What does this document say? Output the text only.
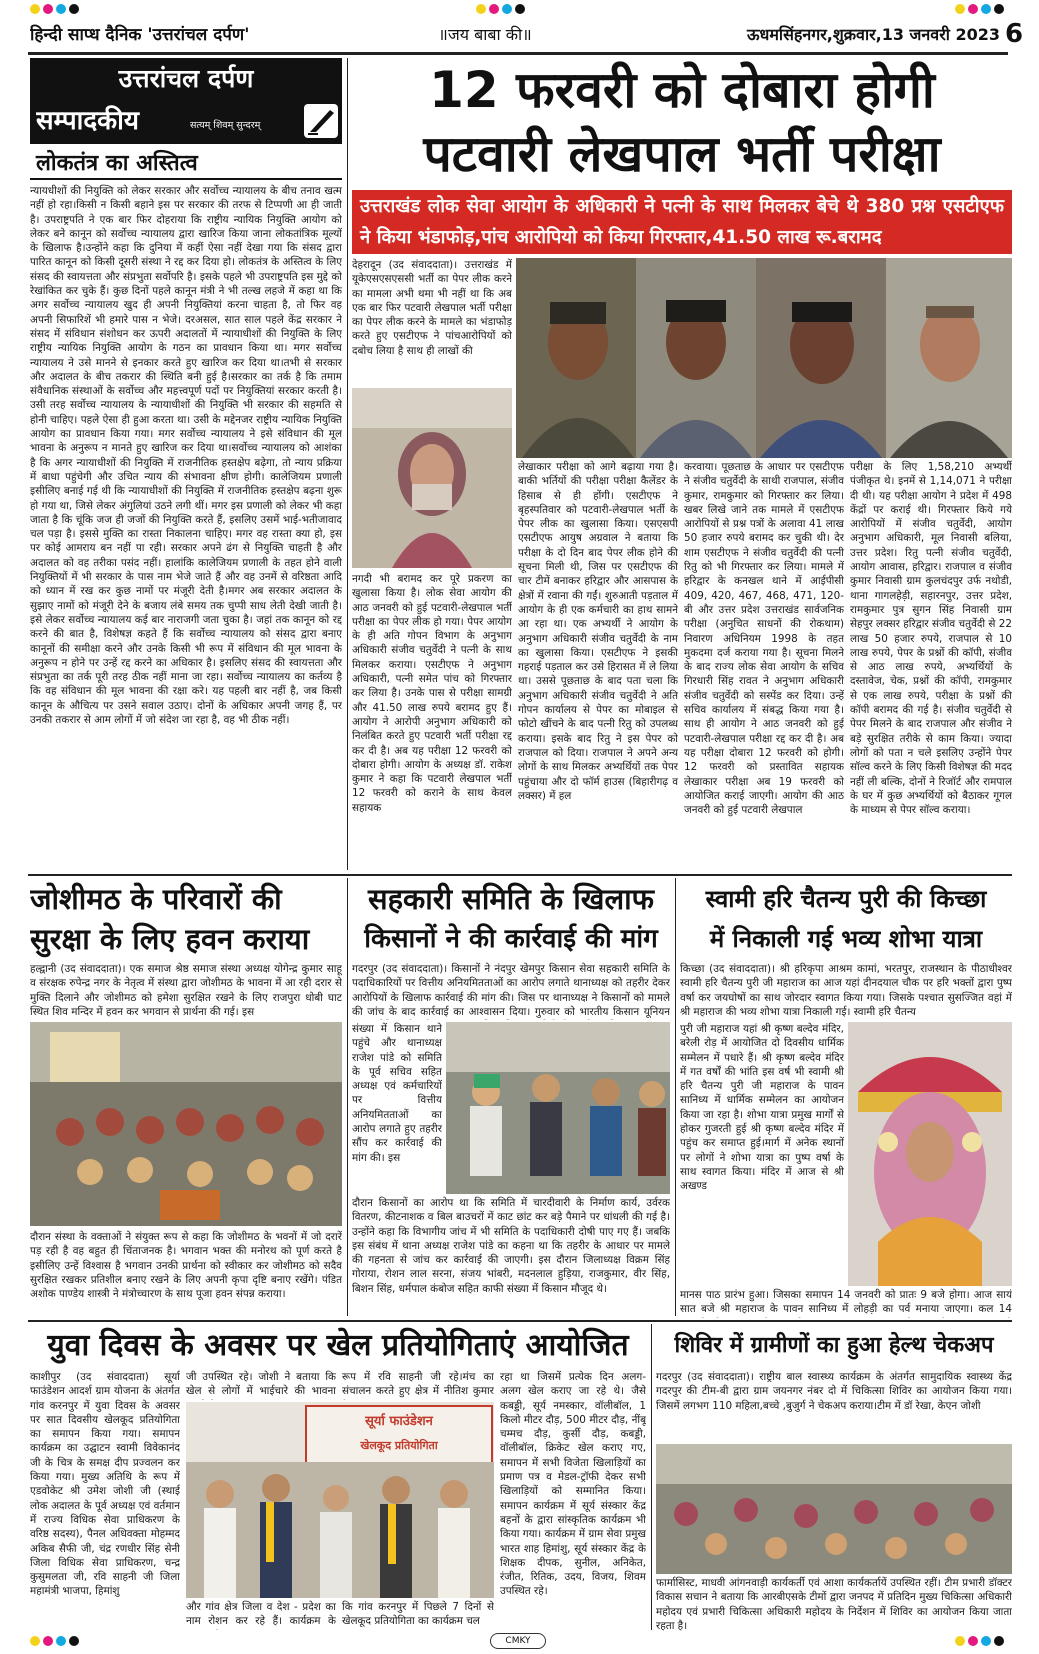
CMKY
हिन्दी साप्ध दैनिक 'उत्तरांचल दर्पण'	॥जय बाबा की॥	ऊधमसिंहनगर,शुक्रवार,13 जनवरी 2023 6
उत्तरांचल दर्पण
सम्पादकीय	सत्यम् शिवम् सुन्दरम्
लोकतंत्र का अस्तित्व
न्यायधीशों की नियुक्ति को लेकर सरकार और सर्वोच्च न्यायालय के बीच तनाव खत्म नहीं हो रहा।किसी न किसी बहाने इस पर सरकार की तरफ से टिप्पणी आ ही जाती है। उपराष्ट्रपति ने एक बार फिर दोहराया कि राष्ट्रीय न्यायिक नियुक्ति आयोग को लेकर बने कानून को सर्वोच्च न्यायालय द्वारा खारिज किया जाना लोकतांत्रिक मूल्यों के खिलाफ है।उन्होंने कहा कि दुनिया में कहीं ऐसा नहीं देखा गया कि संसद द्वारा पारित कानून को किसी दूसरी संस्था ने रद्द कर दिया हो। लोकतंत्र के अस्तित्व के लिए संसद की स्वायत्तता और संप्रभुता सर्वोपरि है। इसके पहले भी उपराष्ट्रपति इस मुद्दे को रेखांकित कर चुके हैं। कुछ दिनों पहले कानून मंत्री ने भी तल्ख लहजे में कहा था कि अगर सर्वोच्च न्यायालय खुद ही अपनी नियुक्तियां करना चाहता है, तो फिर वह अपनी सिफारिशें भी हमारे पास न भेजे। दरअसल, सात साल पहले केंद्र सरकार ने संसद में संविधान संशोधन कर ऊपरी अदालतों में न्यायाधीशों की नियुक्ति के लिए राष्ट्रीय न्यायिक नियुक्ति आयोग के गठन का प्रावधान किया था। मगर सर्वोच्च न्यायालय ने उसे मानने से इनकार करते हुए खारिज कर दिया था।तभी से सरकार और अदालत के बीच तकरार की स्थिति बनी हुई है।सरकार का तर्क है कि तमाम संवैधानिक संस्थाओं के सर्वोच्च और महत्त्वपूर्ण पदों पर नियुक्तियां सरकार करती है। उसी तरह सर्वोच्च न्यायालय के न्यायाधीशों की नियुक्ति भी सरकार की सहमति से होनी चाहिए। पहले ऐसा ही हुआ करता था। उसी के मद्देनजर राष्ट्रीय न्यायिक नियुक्ति आयोग का प्रावधान किया गया। मगर सर्वोच्च न्यायालय ने इसे संविधान की मूल भावना के अनुरूप न मानते हुए खारिज कर दिया था।सर्वोच्च न्यायालय को आशंका है कि अगर न्यायाधीशों की नियुक्ति में राजनीतिक हस्तक्षेप बढ़ेगा, तो न्याय प्रक्रिया में बाधा पहुंचेगी और उचित न्याय की संभावना क्षीण होगी। कालेजियम प्रणाली इसीलिए बनाई गई थी कि न्यायाधीशों की नियुक्ति में राजनीतिक हस्तक्षेप बढ़ना शुरू हो गया था, जिसे लेकर अंगुलियां उठने लगी थीं। मगर इस प्रणाली को लेकर भी कहा जाता है कि चूंकि जज ही जजों की नियुक्ति करते हैं, इसलिए उसमें भाई-भतीजावाद चल पड़ा है। इससे मुक्ति का रास्ता निकालना चाहिए। मगर वह रास्ता क्या हो, इस पर कोई आमराय बन नहीं पा रही। सरकार अपने ढंग से नियुक्ति चाहती है और अदालत को वह तरीका पसंद नहीं। हालांकि कालेजियम प्रणाली के तहत होने वाली नियुक्तियों में भी सरकार के पास नाम भेजे जाते हैं और वह उनमें से वरिष्ठता आदि को ध्यान में रख कर कुछ नामों पर मंजूरी देती है।मगर अब सरकार अदालत के सुझाए नामों को मंजूरी देने के बजाय लंबे समय तक चुप्पी साध लेती देखी जाती है। इसे लेकर सर्वोच्च न्यायालय कई बार नाराजगी जता चुका है। जहां तक कानून को रद्द करने की बात है, विशेषज्ञ कहते हैं कि सर्वोच्च न्यायालय को संसद द्वारा बनाए कानूनों की समीक्षा करने और उनके किसी भी रूप में संविधान की मूल भावना के अनुरूप न होने पर उन्हें रद्द करने का अधिकार है। इसलिए संसद की स्वायत्तता और संप्रभुता का तर्क पूरी तरह ठीक नहीं माना जा रहा। सर्वोच्च न्यायालय का कर्तव्य है कि वह संविधान की मूल भावना की रक्षा करे। यह पहली बार नहीं है, जब किसी कानून के औचित्य पर उसने सवाल उठाए। दोनों के अधिकार अपनी जगह हैं, पर उनकी तकरार से आम लोगों में जो संदेश जा रहा है, वह भी ठीक नहीं।
12 फरवरी को दोबारा होगी
पटवारी लेखपाल भर्ती परीक्षा
उत्तराखंड लोक सेवा आयोग के अधिकारी ने पत्नी के साथ मिलकर बेचे थे 380 प्रश्न एसटीएफ ने किया भंडाफोड़,पांच आरोपियो को किया गिरफ्तार,41.50 लाख रू.बरामद
देहरादून (उद संवाददाता)। उत्तराखंड में यूकेएसएसएससी भर्ती का पेपर लीक करने का मामला अभी थमा भी नहीं था कि अब एक बार फिर पटवारी लेखपाल भर्ती परीक्षा का पेपर लीक करने के मामले का भंडाफोड़ करते हुए एसटीएफ ने पांचआरोपियों को दबोच लिया है साथ ही लाखों की
नगदी भी बरामद कर पूरे प्रकरण का खुलासा किया है। लोक सेवा आयोग की आठ जनवरी को हुई पटवारी-लेखपाल भर्ती परीक्षा का पेपर लीक हो गया। पेपर आयोग के ही अति गोपन विभाग के अनुभाग अधिकारी संजीव चतुर्वेदी ने पत्नी के साथ मिलकर कराया। एसटीएफ ने अनुभाग अधिकारी, पत्नी समेत पांच को गिरफ्तार कर लिया है। उनके पास से परीक्षा सामग्री और 41.50 लाख रुपये बरामद हुए हैं। आयोग ने आरोपी अनुभाग अधिकारी को निलंबित करते हुए पटवारी भर्ती परीक्षा रद्द कर दी है। अब यह परीक्षा 12 फरवरी को दोबारा होगी। आयोग के अध्यक्ष डॉ. राकेश कुमार ने कहा कि पटवारी लेखपाल भर्ती 12 फरवरी को कराने के साथ केवल सहायक
लेखाकार परीक्षा को आगे बढ़ाया गया है। बाकी भर्तियों की परीक्षा परीक्षा कैलेंडर के हिसाब से ही होंगी। एसटीएफ ने बृहस्पतिवार को पटवारी-लेखपाल भर्ती के पेपर लीक का खुलासा किया। एसएसपी एसटीएफ आयुष अग्रवाल ने बताया कि परीक्षा के दो दिन बाद पेपर लीक होने की सूचना मिली थी, जिस पर एसटीएफ की चार टीमें बनाकर हरिद्वार और आसपास के क्षेत्रों में रवाना की गईं। शुरुआती पड़ताल में आयोग के ही एक कर्मचारी का हाथ सामने आ रहा था। एक अभ्यर्थी ने आयोग के अनुभाग अधिकारी संजीव चतुर्वेदी के नाम का खुलासा किया। एसटीएफ ने इसकी गहराई पड़ताल कर उसे हिरासत में ले लिया था। उससे पूछताछ के बाद पता चला कि अनुभाग अधिकारी संजीव चतुर्वेदी ने अति गोपन कार्यालय से पेपर का मोबाइल से फोटो खींचने के बाद पत्नी रितु को उपलब्ध कराया। इसके बाद रितु ने इस पेपर को राजपाल को दिया। राजपाल ने अपने अन्य लोगों के साथ मिलकर अभ्यर्थियों तक पेपर पहुंचाया और दो फॉर्म हाउस (बिहारीगढ़ व लक्सर) में हल
करवाया। पूछताछ के आधार पर एसटीएफ ने संजीव चतुर्वेदी के साथी राजपाल, संजीव कुमार, रामकुमार को गिरफ्तार कर लिया। खबर लिखे जाने तक मामले में एसटीएफ आरोपियों से प्रश्न पत्रों के अलावा 41 लाख 50 हजार रुपये बरामद कर चुकी थी। देर शाम एसटीएफ ने संजीव चतुर्वेदी की पत्नी रितु को भी गिरफ्तार कर लिया। मामले में हरिद्वार के कनखल थाने में आईपीसी 409, 420, 467, 468, 471, 120-बी और उत्तर प्रदेश उत्तराखंड सार्वजनिक परीक्षा (अनुचित साधनों की रोकथाम) निवारण अधिनियम 1998 के तहत मुकदमा दर्ज कराया गया है। सूचना मिलने के बाद राज्य लोक सेवा आयोग के सचिव गिरधारी सिंह रावत ने अनुभाग अधिकारी संजीव चतुर्वेदी को सस्पेंड कर दिया। उन्हें सचिव कार्यालय में संबद्ध किया गया है। साथ ही आयोग ने आठ जनवरी को हुई पटवारी-लेखपाल परीक्षा रद्द कर दी है। अब यह परीक्षा दोबारा 12 फरवरी को होगी। 12 फरवरी को प्रस्तावित सहायक लेखाकार परीक्षा अब 19 फरवरी को आयोजित कराई जाएगी। आयोग की आठ जनवरी को हुई पटवारी लेखपाल
परीक्षा के लिए 1,58,210 अभ्यर्थी पंजीकृत थे। इनमें से 1,14,071 ने परीक्षा दी थी। यह परीक्षा आयोग ने प्रदेश में 498 केंद्रों पर कराई थी। गिरफ्तार किये गये आरोपियों में संजीव चतुर्वेदी, आयोग अनुभाग अधिकारी, मूल निवासी बलिया, उत्तर प्रदेश। रितु पत्नी संजीव चतुर्वेदी, आयोग आवास, हरिद्वार। राजपाल व संजीव कुमार निवासी ग्राम कुलचंदपुर उर्फ नथोडी, थाना गागलहेड़ी, सहारनपुर, उत्तर प्रदेश, रामकुमार पुत्र सुगन सिंह निवासी ग्राम सेहपुर लक्सर हरिद्वार संजीव चतुर्वेदी से 22 लाख 50 हजार रुपये, राजपाल से 10 लाख रुपये, पेपर के प्रश्नों की कॉपी, संजीव से आठ लाख रुपये, अभ्यर्थियों के दस्तावेज, चेक, प्रश्नों की कॉपी, रामकुमार से एक लाख रुपये, परीक्षा के प्रश्नों की कॉपी बरामद की गई है। संजीव चतुर्वेदी से पेपर मिलने के बाद राजपाल और संजीव ने बड़े सुरक्षित तरीके से काम किया। ज्यादा लोगों को पता न चले इसलिए उन्होंने पेपर सॉल्व करने के लिए किसी विशेषज्ञ की मदद नहीं ली बल्कि, दोनों ने रिजॉर्ट और रामपाल के घर में कुछ अभ्यर्थियों को बैठाकर गूगल के माध्यम से पेपर सॉल्व कराया।
जोशीमठ के परिवारों की
सुरक्षा के लिए हवन कराया
हल्द्वानी (उद संवाददाता)। एक समाज श्रेष्ठ समाज संस्था अध्यक्ष योगेन्द्र कुमार साहू व संरक्षक रुपेन्द्र नगर के नेतृत्व में संस्था द्वारा जोशीमठ के भावना में आ रही दरार से मुक्ति दिलाने और जोशीमठ को हमेशा सुरक्षित रखने के लिए राजपुरा धोबी घाट स्थित शिव मन्दिर में हवन कर भगवान से प्रार्थना की गई। इस
दौरान संस्था के वक्ताओं ने संयुक्त रूप से कहा कि जोशीमठ के भवनों में जो दरारें पड़ रही है वह बहुत ही चिंताजनक है। भगवान भक्त की मनोरथ को पूर्ण करते है इसीलिए उन्हें विश्वास है भगवान उनकी प्रार्थना को स्वीकार कर जोशीमठ को सदैव सुरक्षित रखकर प्रतिशील बनाए रखने के लिए अपनी कृपा दृष्टि बनाए रखेंगे। पंडित अशोक पाण्डेय शास्त्री ने मंत्रोच्चारण के साथ पूजा हवन संपन्न कराया।
सहकारी समिति के खिलाफ
किसानों ने की कार्रवाई की मांग
गदरपुर (उद संवाददाता)। किसानों ने नंदपुर खेमपुर किसान सेवा सहकारी समिति के पदाधिकारियों पर वित्तीय अनियमितताओं का आरोप लगाते थानाध्यक्ष को तहरीर देकर आरोपियों के खिलाफ कार्रवाई की मांग की। जिस पर थानाध्यक्ष ने किसानों को मामले की जांच के बाद कार्रवाई का आश्वासन दिया। गुरुवार को भारतीय किसान यूनियन
संख्या में किसान थाने पहुंचे और थानाध्यक्ष राजेश पांडे को समिति के पूर्व सचिव सहित अध्यक्ष एवं कर्मचारियों पर वित्तीय अनियमितताओं का आरोप लगाते हुए तहरीर सौंप कर कार्रवाई की मांग की। इस
दौरान किसानों का आरोप था कि समिति में चारदीवारी के निर्माण कार्य, उर्वरक वितरण, कीटनाशक व बिल बाउचरों में काट छांट कर बड़े पैमाने पर धांधली की गई है। उन्होंने कहा कि विभागीय जांच में भी समिति के पदाधिकारी दोषी पाए गए हैं। जबकि इस संबंध में थाना अध्यक्ष राजेश पांडे का कहना था कि तहरीर के आधार पर मामले की गहनता से जांच कर कार्रवाई की जाएगी। इस दौरान जिलाध्यक्ष विक्रम सिंह गोराया, रोशन लाल सरना, संजय भांबरी, मदनलाल हुड़िया, राजकुमार, वीर सिंह, बिशन सिंह, धर्मपाल कंबोज सहित काफी संख्या में किसान मौजूद थे।
स्वामी हरि चैतन्य पुरी की किच्छा
में निकाली गई भव्य शोभा यात्रा
किच्छा (उद संवाददाता)। श्री हरिकृपा आश्रम कामां, भरतपुर, राजस्थान के पीठाधीश्वर स्वामी हरि चैतन्य पुरी जी महाराज का आज यहां दीनदयाल चौक पर हरि भक्तों द्वारा पुष्प वर्षा कर जयघोषों का साथ जोरदार स्वागत किया गया। जिसके पश्चात सुसज्जित वहां में श्री महाराज की भव्य शोभा यात्रा निकाली गई। स्वामी हरि चैतन्य
पुरी जी महाराज यहां श्री कृष्ण बल्देव मंदिर, बरेली रोड़ में आयोजित दो दिवसीय धार्मिक सम्मेलन में पधारे हैं। श्री कृष्ण बल्देव मंदिर में गत वर्षों की भांति इस वर्ष भी स्वामी श्री हरि चैतन्य पुरी जी महाराज के पावन सानिध्य में धार्मिक सम्मेलन का आयोजन किया जा रहा है। शोभा यात्रा प्रमुख मार्गों से होकर गुजरती हुई श्री कृष्ण बल्देव मंदिर में पहुंच कर समाप्त हुई।मार्ग में अनेक स्थानों पर लोगों ने शोभा यात्रा का पुष्प वर्षा के साथ स्वागत किया। मंदिर में आज से श्री अखण्ड
मानस पाठ प्रारंभ हुआ। जिसका समापन 14 जनवरी को प्रातः 9 बजे होगा। आज सायं सात बजे श्री महाराज के पावन सानिध्य में लोहड़ी का पर्व मनाया जाएगा। कल 14
युवा दिवस के अवसर पर खेल प्रतियोगिताएं आयोजित
काशीपुर (उद संवाददाता) सूर्या फाउंडेशन आदर्श ग्राम योजना के अंतर्गत गांव करनपुर में युवा दिवस के अवसर पर सात दिवसीय खेलकूद प्रतियोगिता का समापन किया गया। समापन कार्यक्रम का उद्घाटन स्वामी विवेकानंद जी के चित्र के समक्ष दीप प्रज्वलन कर किया गया। मुख्य अतिथि के रूप में एडवोकेट श्री उमेश जोशी जी (स्थाई लोक अदालत के पूर्व अध्यक्ष एवं वर्तमान में राज्य विधिक सेवा प्राधिकरण के वरिष्ठ सदस्य), पैनल अधिवक्ता मोहम्मद अकिब सैफी जी, चंद्र रणधीर सिंह सेनी जिला विधिक सेवा प्राधिकरण, चन्द्र कुसुमलता जी, रवि साहनी जी जिला महामंत्री भाजपा, हिमांशु
जी उपस्थित रहे। जोशी ने बताया कि खेल से लोगों में भाईचारे की भावना
रूप में रवि साहनी जी रहे।मंच का संचालन करते हुए क्षेत्र में नीतिश कुमार
सूर्या फाउंडेशन
खेलकूद प्रतियोगिता
और गांव क्षेत्र जिला व देश - प्रदेश का नाम रोशन कर रहे हैं। कार्यक्रम के
कि गांव करनपुर में पिछले 7 दिनों से खेलकूद प्रतियोगिता का कार्यक्रम चल
रहा था जिसमें प्रत्येक दिन अलग- अलग खेल कराए जा रहे थे। जैसे कबड्डी, सूर्य नमस्कार, वॉलीबॉल, 1 किलो मीटर दौड़, 500 मीटर दौड़, नींबू चम्मच दौड़, कुर्सी दौड़, कबड्डी, वॉलीबॉल, क्रिकेट खेल कराए गए, समापन में सभी विजेता खिलाड़ियों का प्रमाण पत्र व मेडल-ट्रॉफी देकर सभी खिलाड़ियों को सम्मानित किया। समापन कार्यक्रम में सूर्य संस्कार केंद्र बहनों के द्वारा सांस्कृतिक कार्यक्रम भी किया गया। कार्यक्रम में ग्राम सेवा प्रमुख भारत शाह हिमांशु, सूर्य संस्कार केंद्र के शिक्षक दीपक, सुनील, अनिकेत, रंजीत, रितिक, उदय, विजय, शिवम उपस्थित रहे।
शिविर में ग्रामीणों का हुआ हेल्थ चेकअप
गदरपुर (उद संवाददाता)। राष्ट्रीय बाल स्वास्थ्य कार्यक्रम के अंतर्गत सामुदायिक स्वास्थ्य केंद्र गदरपुर की टीम-बी द्वारा ग्राम जयनगर नंबर दो में चिकित्सा शिविर का आयोजन किया गया। जिसमें लगभग 110 महिला,बच्चे ,बुजुर्ग ने चेकअप कराया।टीम में डॉ रेखा, केएन जोशी
फार्मासिस्ट, माधवी आंगनवाड़ी कार्यकर्ती एवं आशा कार्यकर्तायें उपस्थित रहीं। टीम प्रभारी डॉक्टर विकास सचान ने बताया कि आरबीएसके टीमों द्वारा जनपद में प्रतिदिन मुख्य चिकित्सा अधिकारी महोदय एवं प्रभारी चिकित्सा अधिकारी महोदय के निर्देशन में शिविर का आयोजन किया जाता रहता है।
